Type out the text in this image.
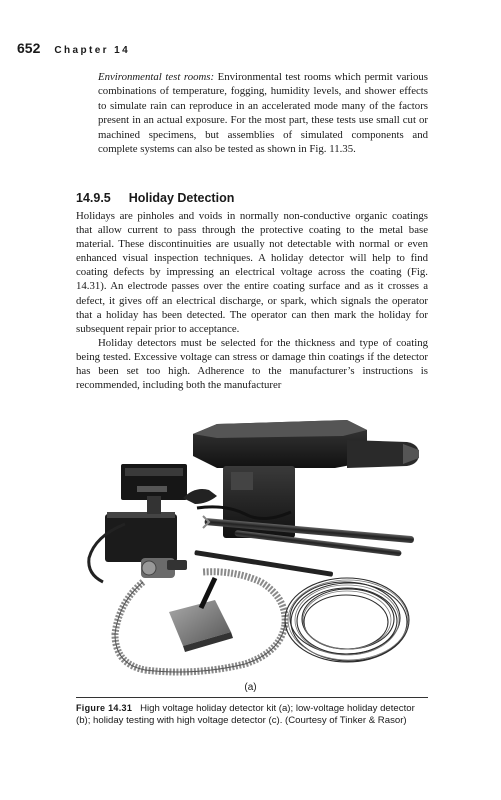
652 Chapter 14
Environmental test rooms: Environmental test rooms which permit various combinations of temperature, fogging, humidity levels, and shower effects to simulate rain can reproduce in an accelerated mode many of the factors present in an actual exposure. For the most part, these tests use small cut or machined specimens, but assemblies of simulated components and complete systems can also be tested as shown in Fig. 11.35.
14.9.5 Holiday Detection

Holidays are pinholes and voids in normally non-conductive organic coatings that allow current to pass through the protective coating to the metal base material. These discontinuities are usually not detectable with normal or even enhanced visual inspection techniques. A holiday detector will help to find coating defects by impressing an electrical voltage across the coating (Fig. 14.31). An electrode passes over the entire coating surface and as it crosses a defect, it gives off an electrical discharge, or spark, which signals the operator that a holiday has been detected. The operator can then mark the holiday for subsequent repair prior to acceptance.

Holiday detectors must be selected for the thickness and type of coating being tested. Excessive voltage can stress or damage thin coatings if the detector has been set too high. Adherence to the manufacturer’s instructions is recommended, including both the manufacturer

(a)
Figure 14.31 High voltage holiday detector kit (a); low-voltage holiday detector (b); holiday testing with high voltage detector (c). (Courtesy of Tinker & Rasor)
